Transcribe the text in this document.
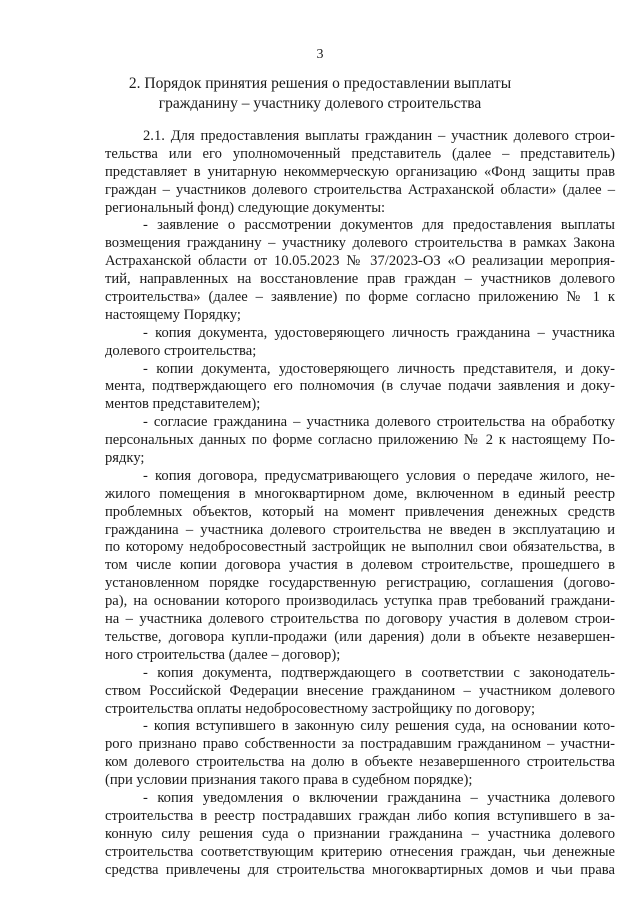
3
2. Порядок принятия решения о предоставлении выплаты
гражданину – участнику долевого строительства
2.1. Для предоставления выплаты гражданин – участник долевого строи-
тельства или его уполномоченный представитель (далее – представитель)
представляет в унитарную некоммерческую организацию «Фонд защиты прав
граждан – участников долевого строительства Астраханской области» (далее –
региональный фонд) следующие документы:
- заявление о рассмотрении документов для предоставления выплаты
возмещения гражданину – участнику долевого строительства в рамках Закона
Астраханской области от 10.05.2023 № 37/2023-ОЗ «О реализации мероприя-
тий, направленных на восстановление прав граждан – участников долевого
строительства» (далее – заявление) по форме согласно приложению № 1 к
настоящему Порядку;
- копия документа, удостоверяющего личность гражданина – участника
долевого строительства;
- копии документа, удостоверяющего личность представителя, и доку-
мента, подтверждающего его полномочия (в случае подачи заявления и доку-
ментов представителем);
- согласие гражданина – участника долевого строительства на обработку
персональных данных по форме согласно приложению № 2 к настоящему По-
рядку;
- копия договора, предусматривающего условия о передаче жилого, не-
жилого помещения в многоквартирном доме, включенном в единый реестр
проблемных объектов, который на момент привлечения денежных средств
гражданина – участника долевого строительства не введен в эксплуатацию и
по которому недобросовестный застройщик не выполнил свои обязательства, в
том числе копии договора участия в долевом строительстве, прошедшего в
установленном порядке государственную регистрацию, соглашения (догово-
ра), на основании которого производилась уступка прав требований граждани-
на – участника долевого строительства по договору участия в долевом строи-
тельстве, договора купли-продажи (или дарения) доли в объекте незавершен-
ного строительства (далее – договор);
- копия документа, подтверждающего в соответствии с законодатель-
ством Российской Федерации внесение гражданином – участником долевого
строительства оплаты недобросовестному застройщику по договору;
- копия вступившего в законную силу решения суда, на основании кото-
рого признано право собственности за пострадавшим гражданином – участни-
ком долевого строительства на долю в объекте незавершенного строительства
(при условии признания такого права в судебном порядке);
- копия уведомления о включении гражданина – участника долевого
строительства в реестр пострадавших граждан либо копия вступившего в за-
конную силу решения суда о признании гражданина – участника долевого
строительства соответствующим критерию отнесения граждан, чьи денежные
средства привлечены для строительства многоквартирных домов и чьи права
